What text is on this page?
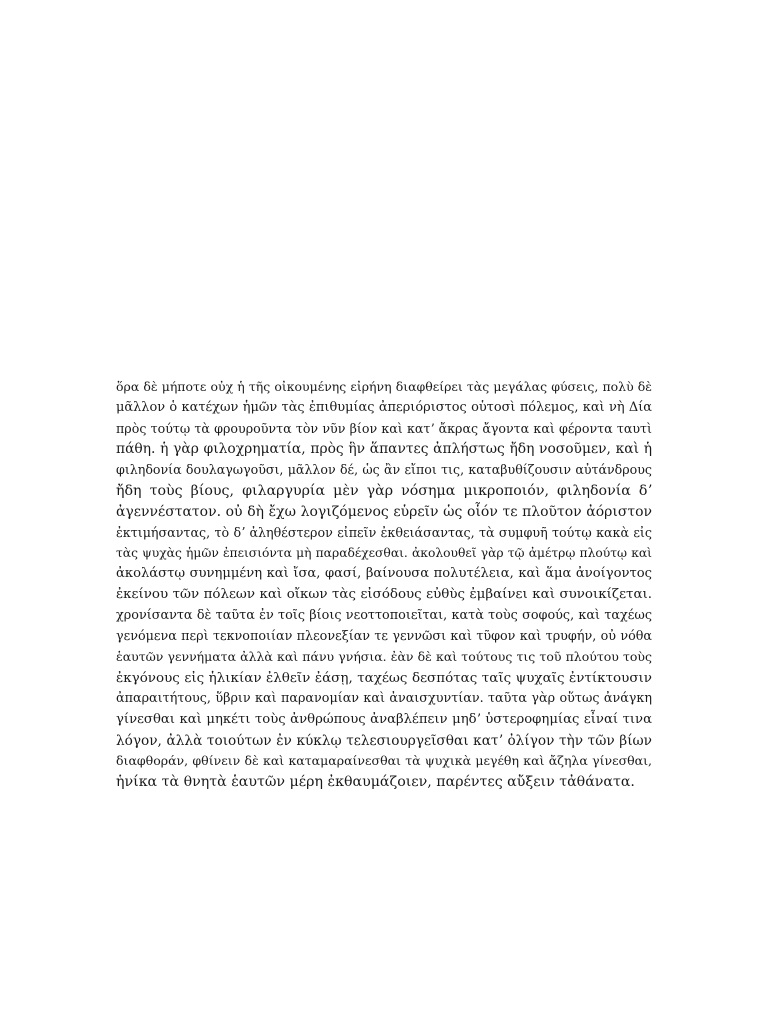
ὅρα δὲ μήποτε οὐχ ἡ τῆς οἰκουμένης εἰρήνη διαφθείρει τὰς μεγάλας φύσεις, πολὺ δὲ
μᾶλλον ὁ κατέχων ἡμῶν τὰς ἐπιθυμίας ἀπεριόριστος οὑτοσὶ πόλεμος, καὶ νὴ Δία
πρὸς τούτῳ τὰ φρουροῦντα τὸν νῦν βίον καὶ κατʼ ἄκρας ἄγοντα καὶ φέροντα ταυτὶ
πάθη. ἡ γὰρ φιλοχρηματία, πρὸς ἣν ἅπαντες ἀπλήστως ἤδη νοσοῦμεν, καὶ ἡ
φιληδονία δουλαγωγοῦσι, μᾶλλον δέ, ὡς ἂν εἴποι τις, καταβυθίζουσιν αὐτάνδρους
ἤδη τοὺς βίους, φιλαργυρία μὲν γὰρ νόσημα μικροποιόν, φιληδονία δʼ
ἀγεννέστατον. οὐ δὴ ἔχω λογιζόμενος εὑρεῖν ὡς οἷόν τε πλοῦτον ἀόριστον
ἐκτιμήσαντας, τὸ δʼ ἀληθέστερον εἰπεῖν ἐκθειάσαντας, τὰ συμφυῆ τούτῳ κακὰ εἰς
τὰς ψυχὰς ἡμῶν ἐπεισιόντα μὴ παραδέχεσθαι. ἀκολουθεῖ γὰρ τῷ ἀμέτρῳ πλούτῳ καὶ
ἀκολάστῳ συνημμένη καὶ ἴσα, φασί, βαίνουσα πολυτέλεια, καὶ ἅμα ἀνοίγοντος
ἐκείνου τῶν πόλεων καὶ οἴκων τὰς εἰσόδους εὐθὺς ἐμβαίνει καὶ συνοικίζεται.
χρονίσαντα δὲ ταῦτα ἐν τοῖς βίοις νεοττοποιεῖται, κατὰ τοὺς σοφούς, καὶ ταχέως
γενόμενα περὶ τεκνοποιίαν πλεονεξίαν τε γεννῶσι καὶ τῦφον καὶ τρυφήν, οὐ νόθα
ἑαυτῶν γεννήματα ἀλλὰ καὶ πάνυ γνήσια. ἐὰν δὲ καὶ τούτους τις τοῦ πλούτου τοὺς
ἐκγόνους εἰς ἡλικίαν ἐλθεῖν ἐάσῃ, ταχέως δεσπότας ταῖς ψυχαῖς ἐντίκτουσιν
ἀπαραιτήτους, ὕβριν καὶ παρανομίαν καὶ ἀναισχυντίαν. ταῦτα γὰρ οὕτως ἀνάγκη
γίνεσθαι καὶ μηκέτι τοὺς ἀνθρώπους ἀναβλέπειν μηδʼ ὑστεροφημίας εἶναί τινα
λόγον, ἀλλὰ τοιούτων ἐν κύκλῳ τελεσιουργεῖσθαι κατʼ ὀλίγον τὴν τῶν βίων
διαφθοράν, φθίνειν δὲ καὶ καταμαραίνεσθαι τὰ ψυχικὰ μεγέθη καὶ ἄζηλα γίνεσθαι,
ἡνίκα τὰ θνητὰ ἑαυτῶν μέρη ἐκθαυμάζοιεν, παρέντες αὔξειν τἀθάνατα.
